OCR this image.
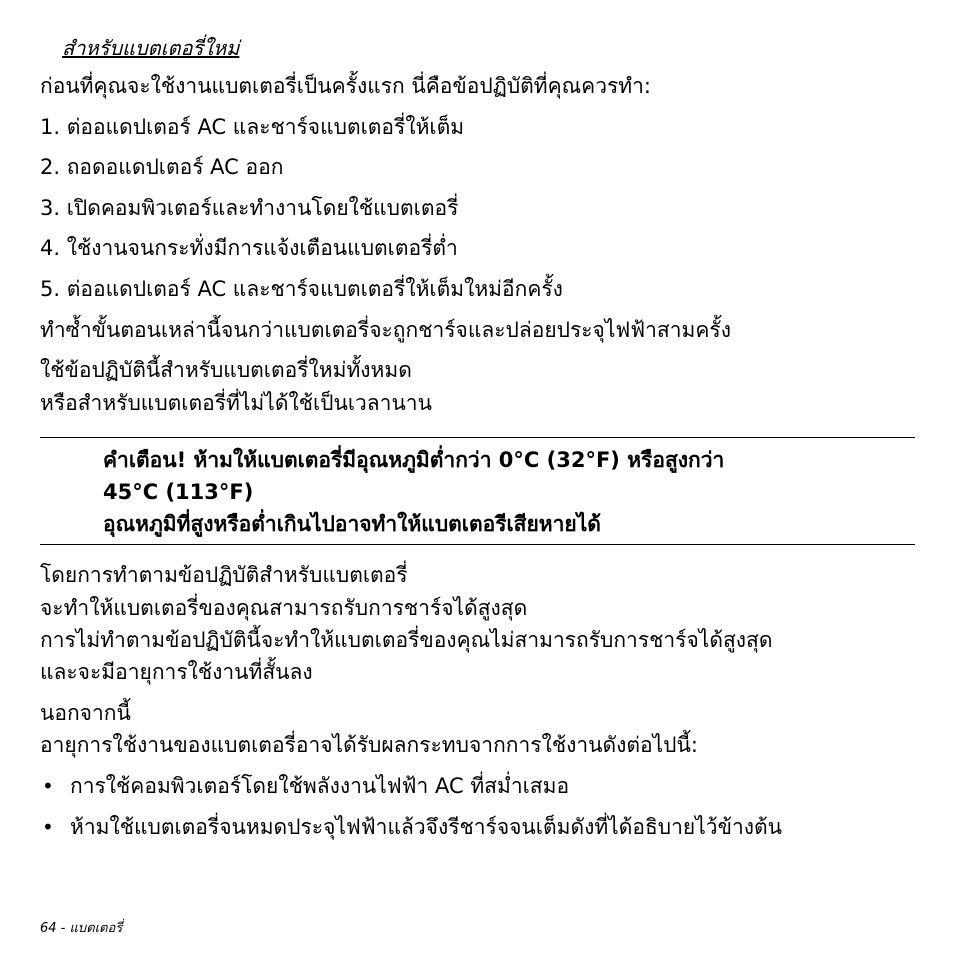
สำหรับแบตเตอรี่ใหม่
ก่อนที่คุณจะใช้งานแบตเตอรี่เป็นครั้งแรก นี่คือข้อปฏิบัติที่คุณควรทำ:
1. ต่ออแดปเตอร์ AC และชาร์จแบตเตอรี่ให้เต็ม
2. ถอดอแดปเตอร์ AC ออก
3. เปิดคอมพิวเตอร์และทำงานโดยใช้แบตเตอรี่
4. ใช้งานจนกระทั่งมีการแจ้งเตือนแบตเตอรี่ต่ำ
5. ต่ออแดปเตอร์ AC และชาร์จแบตเตอรี่ให้เต็มใหม่อีกครั้ง
ทำซ้ำขั้นตอนเหล่านี้จนกว่าแบตเตอรี่จะถูกชาร์จและปล่อยประจุไฟฟ้าสามครั้ง
ใช้ข้อปฏิบัตินี้สำหรับแบตเตอรี่ใหม่ทั้งหมด
หรือสำหรับแบตเตอรี่ที่ไม่ได้ใช้เป็นเวลานาน
คำเตือน! ห้ามให้แบตเตอรี่มีอุณหภูมิต่ำกว่า 0°C (32°F) หรือสูงกว่า
45°C (113°F)
อุณหภูมิที่สูงหรือต่ำเกินไปอาจทำให้แบตเตอรีเสียหายได้
โดยการทำตามข้อปฏิบัติสำหรับแบตเตอรี่
จะทำให้แบตเตอรี่ของคุณสามารถรับการชาร์จได้สูงสุด
การไม่ทำตามข้อปฏิบัตินี้จะทำให้แบตเตอรี่ของคุณไม่สามารถรับการชาร์จได้สูงสุด
และจะมีอายุการใช้งานที่สั้นลง
นอกจากนี้
อายุการใช้งานของแบตเตอรี่อาจได้รับผลกระทบจากการใช้งานดังต่อไปนี้:
• การใช้คอมพิวเตอร์โดยใช้พลังงานไฟฟ้า AC ที่สม่ำเสมอ
• ห้ามใช้แบตเตอรี่จนหมดประจุไฟฟ้าแล้วจึงรีชาร์จจนเต็มดังที่ได้อธิบายไว้ข้างต้น
64 - แบตเตอรี่
